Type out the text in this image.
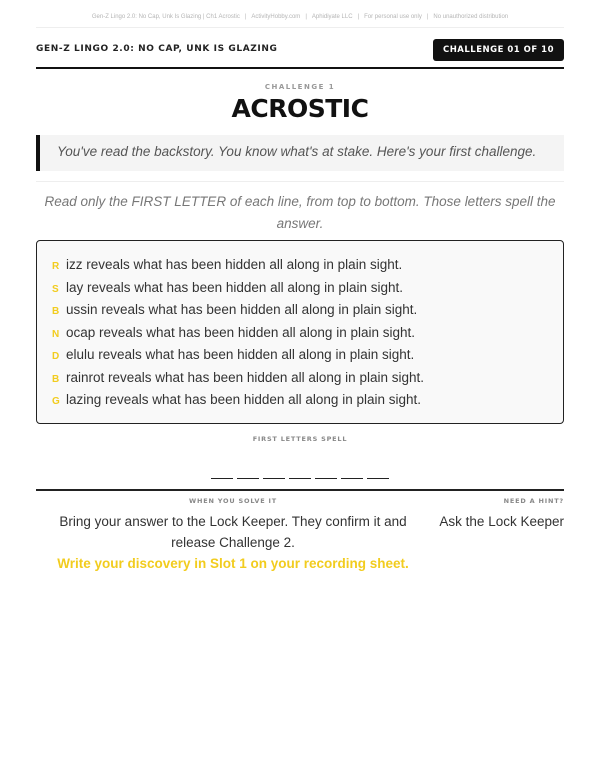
Gen-Z Lingo 2.0: No Cap, Unk Is Glazing | Ch1 Acrostic | ActivityHobby.com | Aphidiyate LLC | For personal use only | No unauthorized distribution
GEN-Z LINGO 2.0: NO CAP, UNK IS GLAZING	CHALLENGE 01 OF 10
CHALLENGE 1
ACROSTIC
You've read the backstory. You know what's at stake. Here's your first challenge.
Read only the FIRST LETTER of each line, from top to bottom. Those letters spell the answer.
R izz reveals what has been hidden all along in plain sight.
S lay reveals what has been hidden all along in plain sight.
B ussin reveals what has been hidden all along in plain sight.
N ocap reveals what has been hidden all along in plain sight.
D elulu reveals what has been hidden all along in plain sight.
B rainrot reveals what has been hidden all along in plain sight.
G lazing reveals what has been hidden all along in plain sight.
FIRST LETTERS SPELL
WHEN YOU SOLVE IT	NEED A HINT?
Bring your answer to the Lock Keeper. They confirm it and release Challenge 2.
Ask the Lock Keeper
Write your discovery in Slot 1 on your recording sheet.
